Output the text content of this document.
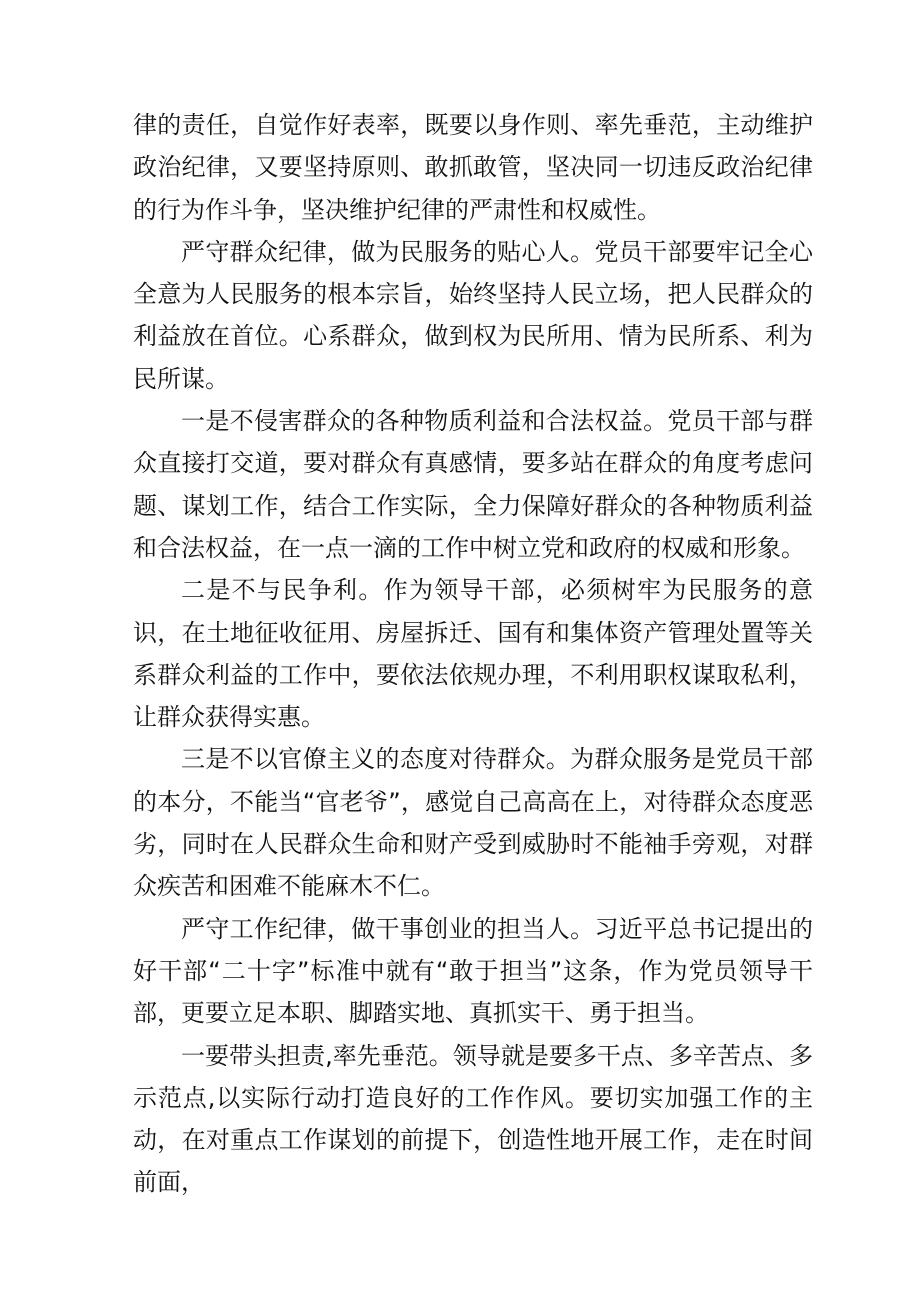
律的责任，自觉作好表率，既要以身作则、率先垂范，主动维护政治纪律，又要坚持原则、敢抓敢管，坚决同一切违反政治纪律的行为作斗争，坚决维护纪律的严肃性和权威性。

严守群众纪律，做为民服务的贴心人。党员干部要牢记全心全意为人民服务的根本宗旨，始终坚持人民立场，把人民群众的利益放在首位。心系群众，做到权为民所用、情为民所系、利为民所谋。

一是不侵害群众的各种物质利益和合法权益。党员干部与群众直接打交道，要对群众有真感情，要多站在群众的角度考虑问题、谋划工作，结合工作实际，全力保障好群众的各种物质利益和合法权益，在一点一滴的工作中树立党和政府的权威和形象。

二是不与民争利。作为领导干部，必须树牢为民服务的意识，在土地征收征用、房屋拆迁、国有和集体资产管理处置等关系群众利益的工作中，要依法依规办理，不利用职权谋取私利，让群众获得实惠。

三是不以官僚主义的态度对待群众。为群众服务是党员干部的本分，不能当“官老爷”，感觉自己高高在上，对待群众态度恶劣，同时在人民群众生命和财产受到威胁时不能袖手旁观，对群众疾苦和困难不能麻木不仁。

严守工作纪律，做干事创业的担当人。习近平总书记提出的好干部“二十字”标准中就有“敢于担当”这条，作为党员领导干部，更要立足本职、脚踏实地、真抓实干、勇于担当。

一要带头担责,率先垂范。领导就是要多干点、多辛苦点、多示范点,以实际行动打造良好的工作作风。要切实加强工作的主动，在对重点工作谋划的前提下，创造性地开展工作，走在时间前面，
